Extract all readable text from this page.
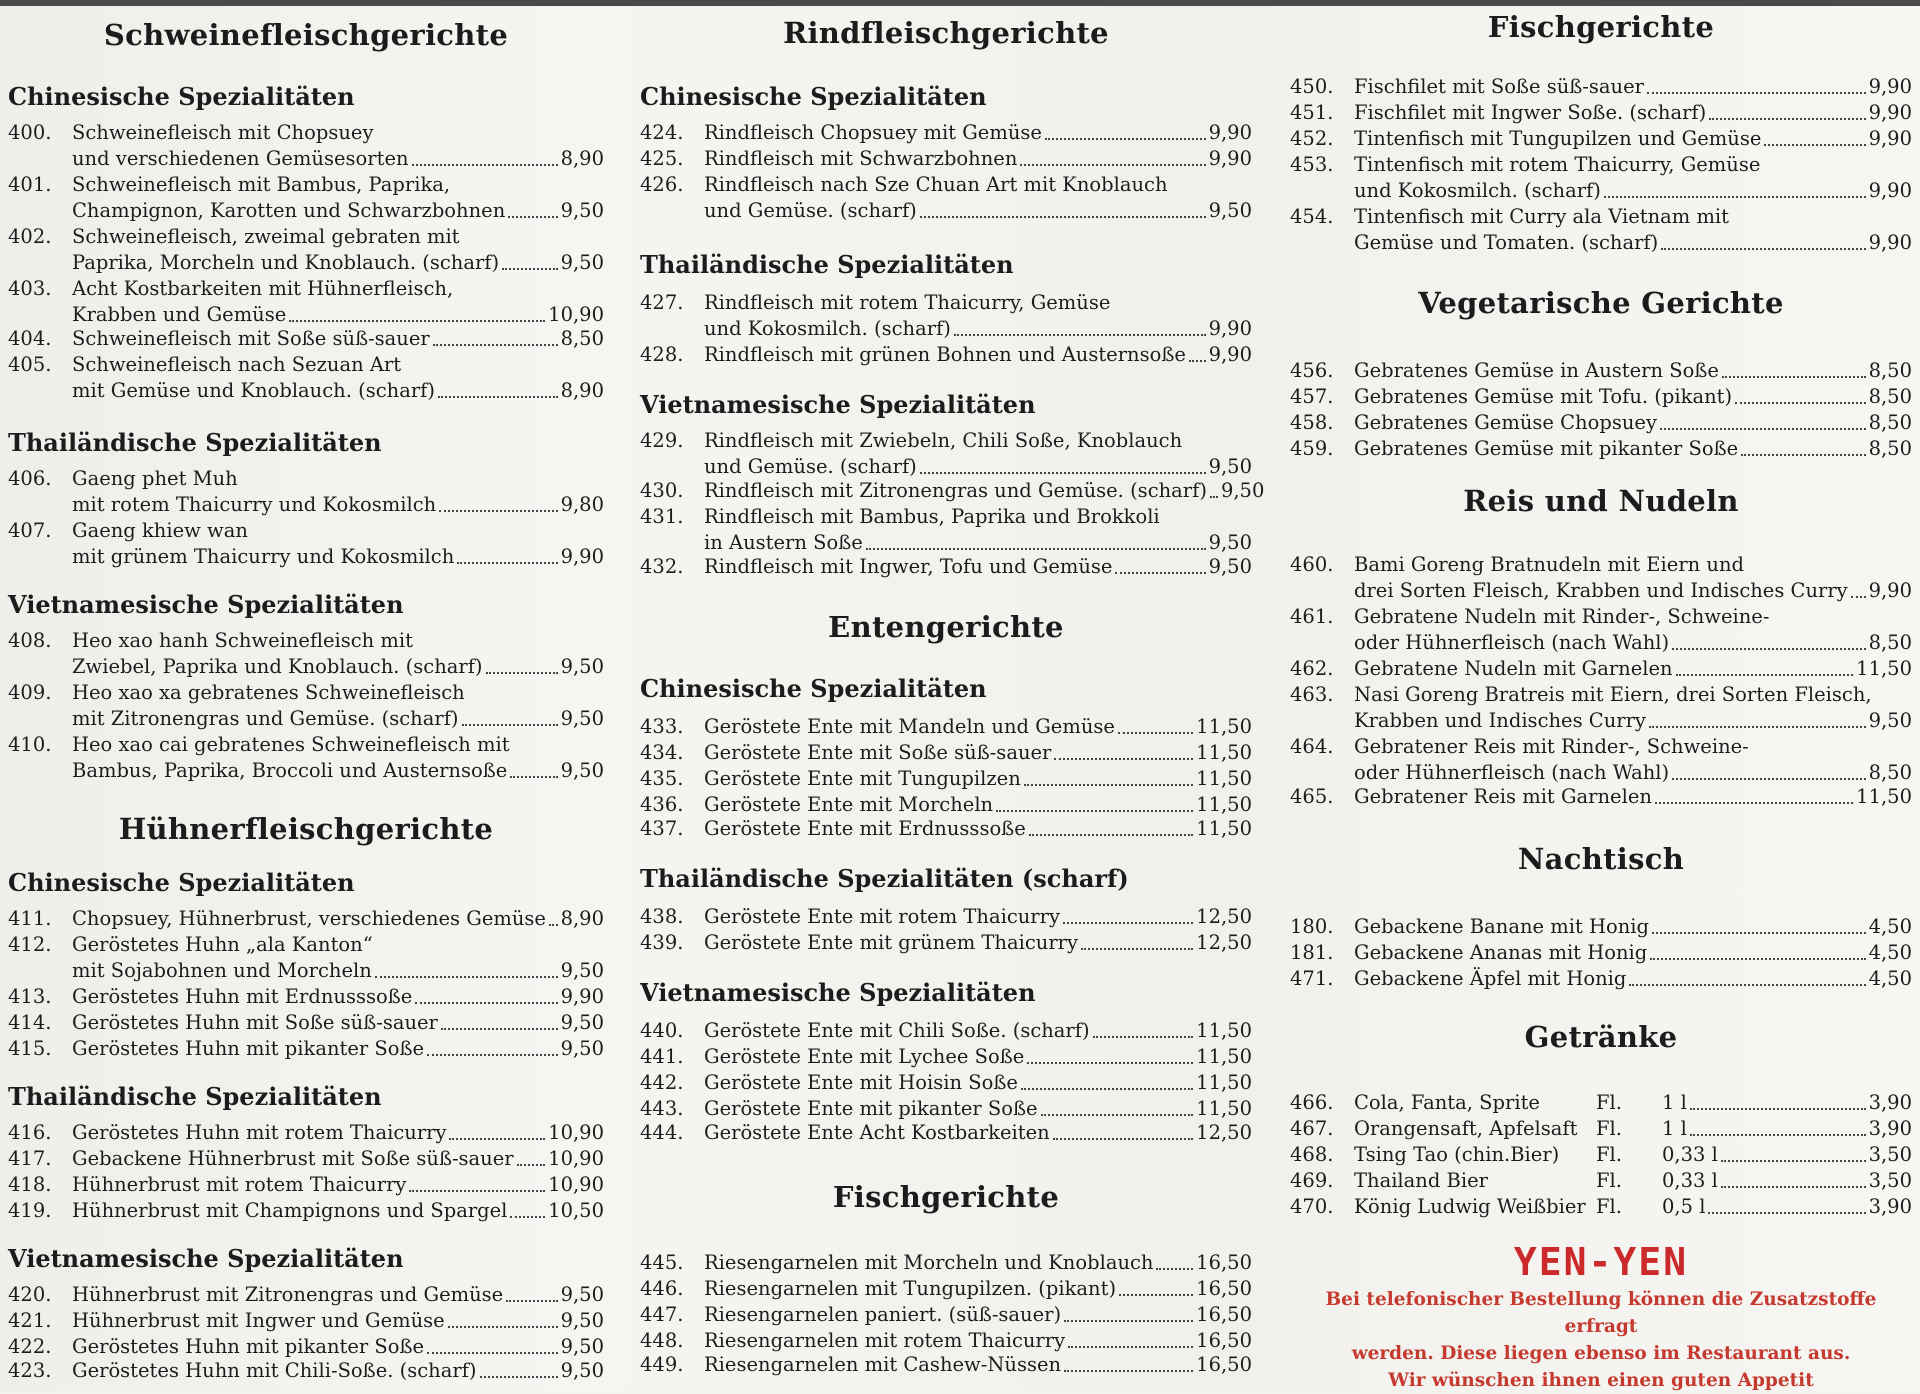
Schweinefleischgerichte
Chinesische Spezialitäten
400. Schweinefleisch mit Chopsuey
und verschiedenen Gemüsesorten	8,90
401. Schweinefleisch mit Bambus, Paprika,
Champignon, Karotten und Schwarzbohnen	9,50
402. Schweinefleisch, zweimal gebraten mit
Paprika, Morcheln und Knoblauch. (scharf)	9,50
403. Acht Kostbarkeiten mit Hühnerfleisch,
Krabben und Gemüse	10,90
404. Schweinefleisch mit Soße süß-sauer	8,50
405. Schweinefleisch nach Sezuan Art
mit Gemüse und Knoblauch. (scharf)	8,90
Thailändische Spezialitäten
406. Gaeng phet Muh
mit rotem Thaicurry und Kokosmilch	9,80
407. Gaeng khiew wan
mit grünem Thaicurry und Kokosmilch	9,90
Vietnamesische Spezialitäten
408. Heo xao hanh Schweinefleisch mit
Zwiebel, Paprika und Knoblauch. (scharf)	9,50
409. Heo xao xa gebratenes Schweinefleisch
mit Zitronengras und Gemüse. (scharf)	9,50
410. Heo xao cai gebratenes Schweinefleisch mit
Bambus, Paprika, Broccoli und Austernsoße	9,50
Hühnerfleischgerichte
Chinesische Spezialitäten
411. Chopsuey, Hühnerbrust, verschiedenes Gemüse 8,90
412. Geröstetes Huhn „ala Kanton“
mit Sojabohnen und Morcheln	9,50
413. Geröstetes Huhn mit Erdnusssoße	9,90
414. Geröstetes Huhn mit Soße süß-sauer	9,50
415. Geröstetes Huhn mit pikanter Soße	9,50
Thailändische Spezialitäten
416. Geröstetes Huhn mit rotem Thaicurry	10,90
417. Gebackene Hühnerbrust mit Soße süß-sauer 10,90
418. Hühnerbrust mit rotem Thaicurry	10,90
419. Hühnerbrust mit Champignons und Spargel 10,50
Vietnamesische Spezialitäten
420. Hühnerbrust mit Zitronengras und Gemüse	9,50
421. Hühnerbrust mit Ingwer und Gemüse	9,50
422. Geröstetes Huhn mit pikanter Soße	9,50
423. Geröstetes Huhn mit Chili-Soße. (scharf)	9,50
Rindfleischgerichte
Chinesische Spezialitäten
424. Rindfleisch Chopsuey mit Gemüse	9,90
425. Rindfleisch mit Schwarzbohnen	9,90
426. Rindfleisch nach Sze Chuan Art mit Knoblauch
und Gemüse. (scharf)	9,50
Thailändische Spezialitäten
427. Rindfleisch mit rotem Thaicurry, Gemüse
und Kokosmilch. (scharf)	9,90
428. Rindfleisch mit grünen Bohnen und Austernsoße 9,90
Vietnamesische Spezialitäten
429. Rindfleisch mit Zwiebeln, Chili Soße, Knoblauch
und Gemüse. (scharf)	9,50
430. Rindfleisch mit Zitronengras und Gemüse. (scharf) 9,50
431. Rindfleisch mit Bambus, Paprika und Brokkoli
in Austern Soße	9,50
432. Rindfleisch mit Ingwer, Tofu und Gemüse	9,50
Entengerichte
Chinesische Spezialitäten
433. Geröstete Ente mit Mandeln und Gemüse	11,50
434. Geröstete Ente mit Soße süß-sauer	11,50
435. Geröstete Ente mit Tungupilzen	11,50
436. Geröstete Ente mit Morcheln	11,50
437. Geröstete Ente mit Erdnusssoße	11,50
Thailändische Spezialitäten (scharf)
438. Geröstete Ente mit rotem Thaicurry	12,50
439. Geröstete Ente mit grünem Thaicurry	12,50
Vietnamesische Spezialitäten
440. Geröstete Ente mit Chili Soße. (scharf)	11,50
441. Geröstete Ente mit Lychee Soße	11,50
442. Geröstete Ente mit Hoisin Soße	11,50
443. Geröstete Ente mit pikanter Soße	11,50
444. Geröstete Ente Acht Kostbarkeiten	12,50
Fischgerichte
445. Riesengarnelen mit Morcheln und Knoblauch 16,50
446. Riesengarnelen mit Tungupilzen. (pikant)	16,50
447. Riesengarnelen paniert. (süß-sauer)	16,50
448. Riesengarnelen mit rotem Thaicurry	16,50
449. Riesengarnelen mit Cashew-Nüssen	16,50
Fischgerichte
450. Fischfilet mit Soße süß-sauer	9,90
451. Fischfilet mit Ingwer Soße. (scharf)	9,90
452. Tintenfisch mit Tungupilzen und Gemüse	9,90
453. Tintenfisch mit rotem Thaicurry, Gemüse
und Kokosmilch. (scharf)	9,90
454. Tintenfisch mit Curry ala Vietnam mit
Gemüse und Tomaten. (scharf)	9,90
Vegetarische Gerichte
456. Gebratenes Gemüse in Austern Soße	8,50
457. Gebratenes Gemüse mit Tofu. (pikant)	8,50
458. Gebratenes Gemüse Chopsuey	8,50
459. Gebratenes Gemüse mit pikanter Soße	8,50
Reis und Nudeln
460. Bami Goreng Bratnudeln mit Eiern und
drei Sorten Fleisch, Krabben und Indisches Curry 9,90
461. Gebratene Nudeln mit Rinder-, Schweine-
oder Hühnerfleisch (nach Wahl)	8,50
462. Gebratene Nudeln mit Garnelen	11,50
463. Nasi Goreng Bratreis mit Eiern, drei Sorten Fleisch,
Krabben und Indisches Curry	9,50
464. Gebratener Reis mit Rinder-, Schweine-
oder Hühnerfleisch (nach Wahl)	8,50
465. Gebratener Reis mit Garnelen	11,50
Nachtisch
180. Gebackene Banane mit Honig	4,50
181. Gebackene Ananas mit Honig	4,50
471. Gebackene Äpfel mit Honig	4,50
Getränke
466. Cola, Fanta, Sprite	Fl.	1 l	3,90
467. Orangensaft, Apfelsaft Fl.	1 l	3,90
468. Tsing Tao (chin.Bier)	Fl.	0,33 l	3,50
469. Thailand Bier	Fl.	0,33 l	3,50
470. König Ludwig Weißbier Fl.	0,5 l	3,90
YEN-YEN
Bei telefonischer Bestellung können die Zusatzstoffe erfragt
werden. Diese liegen ebenso im Restaurant aus.
Wir wünschen ihnen einen guten Appetit
